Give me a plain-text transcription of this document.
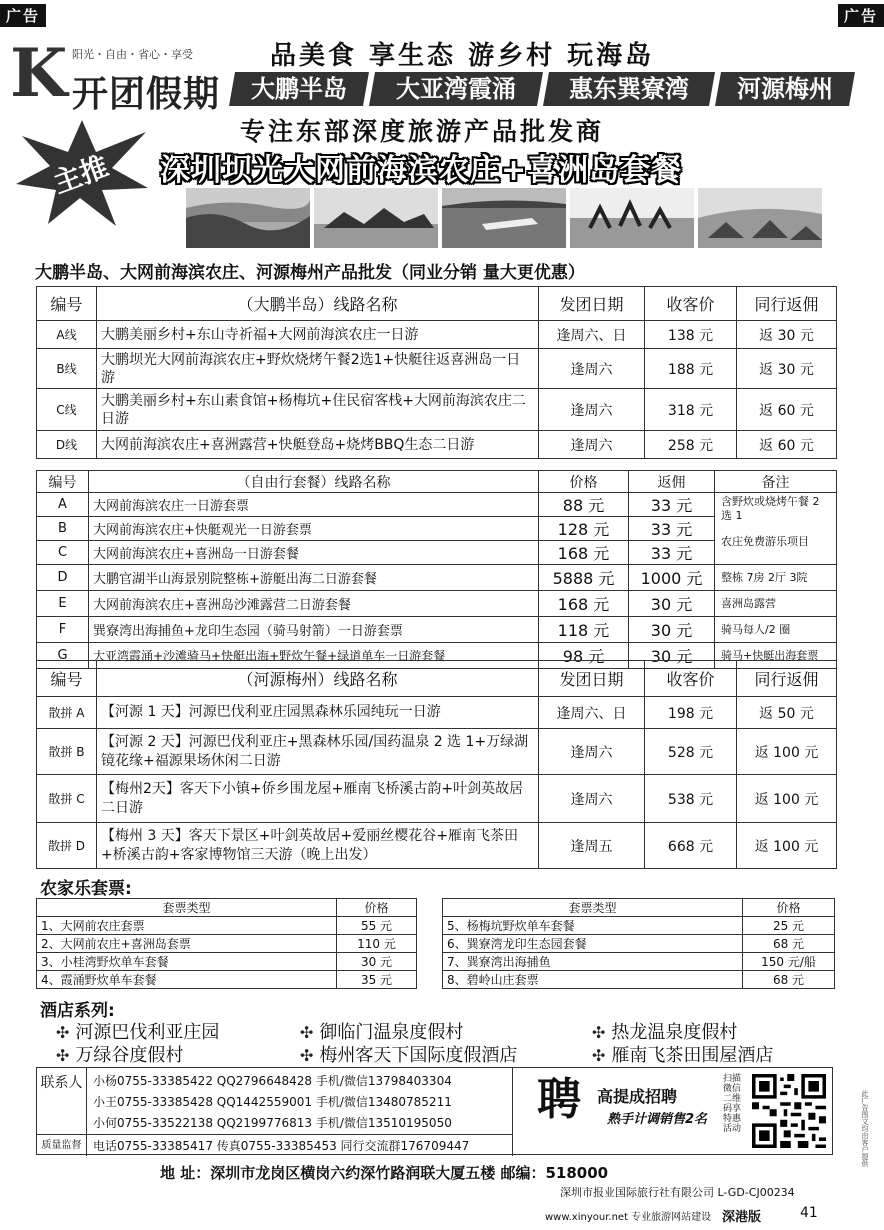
广告	广告
此广告图文均由客户提供
K 阳光・自由・省心・享受
开团假期
品美食 享生态 游乡村 玩海岛
大鹏半岛	大亚湾霞涌	惠东巽寮湾	河源梅州
专注东部深度旅游产品批发商
主推 深圳坝光大网前海滨农庄+喜洲岛套餐
大鹏半岛、大网前海滨农庄、河源梅州产品批发（同业分销 量大更优惠）
编号	（大鹏半岛）线路名称	发团日期	收客价	同行返佣
A线	大鹏美丽乡村+东山寺祈福+大网前海滨农庄一日游	逢周六、日	138 元	返 30 元
B线	大鹏坝光大网前海滨农庄+野炊烧烤午餐2选1+快艇往返喜洲岛一日游	逢周六	188 元	返 30 元
C线	大鹏美丽乡村+东山素食馆+杨梅坑+住民宿客栈+大网前海滨农庄二日游	逢周六	318 元	返 60 元
D线	大网前海滨农庄+喜洲露营+快艇登岛+烧烤BBQ生态二日游	逢周六	258 元	返 60 元
编号	（自由行套餐）线路名称	价格	返佣	备注
A	大网前海滨农庄一日游套票	88 元	33 元	含野炊或烧烤午餐 2 选 1
农庄免费游乐项目

B	大网前海滨农庄+快艇观光一日游套票	128 元	33 元	
C	大网前海滨农庄+喜洲岛一日游套餐	168 元	33 元	
D	大鹏官湖半山海景别院整栋+游艇出海二日游套餐	5888 元	1000 元	整栋 7房 2厅 3院
E	大网前海滨农庄+喜洲岛沙滩露营二日游套餐	168 元	30 元	喜洲岛露营
F	巽寮湾出海捕鱼+龙印生态园（骑马射箭）一日游套票	118 元	30 元	骑马每人/2 圈
G	大亚湾霞涌+沙滩骑马+快艇出海+野炊午餐+绿道单车一日游套餐	98 元	30 元	骑马+快艇出海套票
编号	（河源梅州）线路名称	发团日期	收客价	同行返佣
散拼 A	【河源 1 天】河源巴伐利亚庄园黑森林乐园纯玩一日游	逢周六、日	198 元	返 50 元
散拼 B	【河源 2 天】河源巴伐利亚庄+黑森林乐园/国药温泉 2 选 1+万绿湖镜花缘+福源果场休闲二日游	逢周六	528 元	返 100 元
散拼 C	【梅州2天】客天下小镇+侨乡围龙屋+雁南飞桥溪古韵+叶剑英故居二日游	逢周六	538 元	返 100 元
散拼 D	【梅州 3 天】客天下景区+叶剑英故居+爱丽丝樱花谷+雁南飞茶田+桥溪古韵+客家博物馆三天游（晚上出发）	逢周五	668 元	返 100 元
农家乐套票:
套票类型	价格
1、大网前农庄套票	55 元
2、大网前农庄+喜洲岛套票	110 元
3、小桂湾野炊单车套餐	30 元
4、霞涌野炊单车套餐	35 元
套票类型	价格
5、杨梅坑野炊单车套餐	25 元
6、巽寮湾龙印生态园套餐	68 元
7、巽寮湾出海捕鱼	150 元/船
8、碧岭山庄套票	68 元
酒店系列:
✣ 河源巴伐利亚庄园	✣ 御临门温泉度假村	✣ 热龙温泉度假村
✣ 万绿谷度假村	✣ 梅州客天下国际度假酒店	✣ 雁南飞茶田围屋酒店
联系人 小杨0755-33385422 QQ2796648428 手机/微信13798403304
小王0755-33385428 QQ1442559001 手机/微信13480785211
小何0755-33522138 QQ2199776813 手机/微信13510195050
质量监督 电话0755-33385417 传真0755-33385453 同行交流群176709447
聘 高提成招聘
熟手计调销售2名
扫描微信二维码享特惠活动
地 址：深圳市龙岗区横岗六约深竹路润联大厦五楼 邮编：518000
深圳市报业国际旅行社有限公司 L-GD-CJ00234
www.xinyour.net 专业旅游网站建设 深港版	41
